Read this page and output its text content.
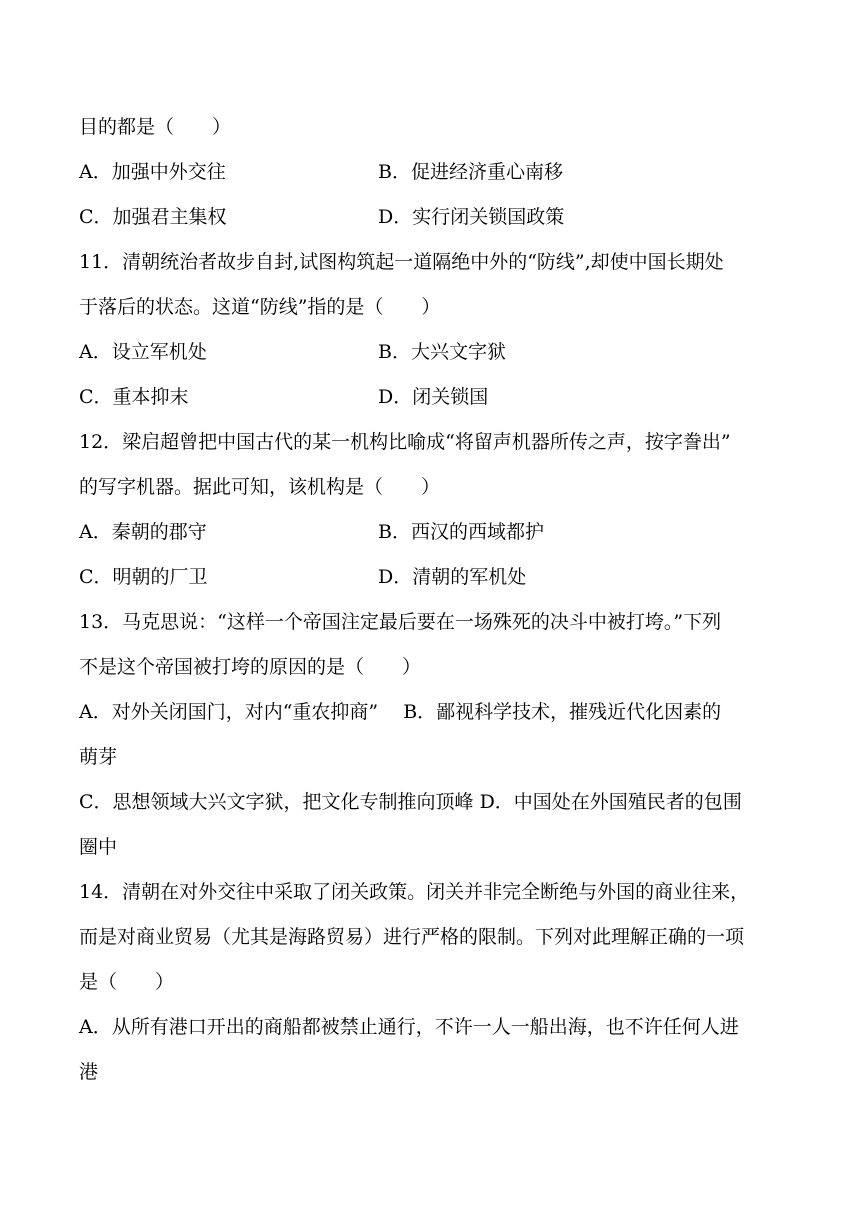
目的都是（　　）
A．加强中外交往	B．促进经济重心南移
C．加强君主集权	D．实行闭关锁国政策
11．清朝统治者故步自封,试图构筑起一道隔绝中外的“防线”,却使中国长期处
于落后的状态。这道“防线”指的是（　　）
A．设立军机处	B．大兴文字狱
C．重本抑末	D．闭关锁国
12．梁启超曾把中国古代的某一机构比喻成“将留声机器所传之声，按字誊出”
的写字机器。据此可知，该机构是（　　）
A．秦朝的郡守	B．西汉的西域都护
C．明朝的厂卫	D．清朝的军机处
13．马克思说：“这样一个帝国注定最后要在一场殊死的决斗中被打垮。”下列
不是这个帝国被打垮的原因的是（　　）
A．对外关闭国门，对内“重农抑商”　 B．鄙视科学技术，摧残近代化因素的
萌芽
C．思想领域大兴文字狱，把文化专制推向顶峰 D．中国处在外国殖民者的包围
圈中
14．清朝在对外交往中采取了闭关政策。闭关并非完全断绝与外国的商业往来，
而是对商业贸易（尤其是海路贸易）进行严格的限制。下列对此理解正确的一项
是（　　）
A．从所有港口开出的商船都被禁止通行，不许一人一船出海，也不许任何人进
港
